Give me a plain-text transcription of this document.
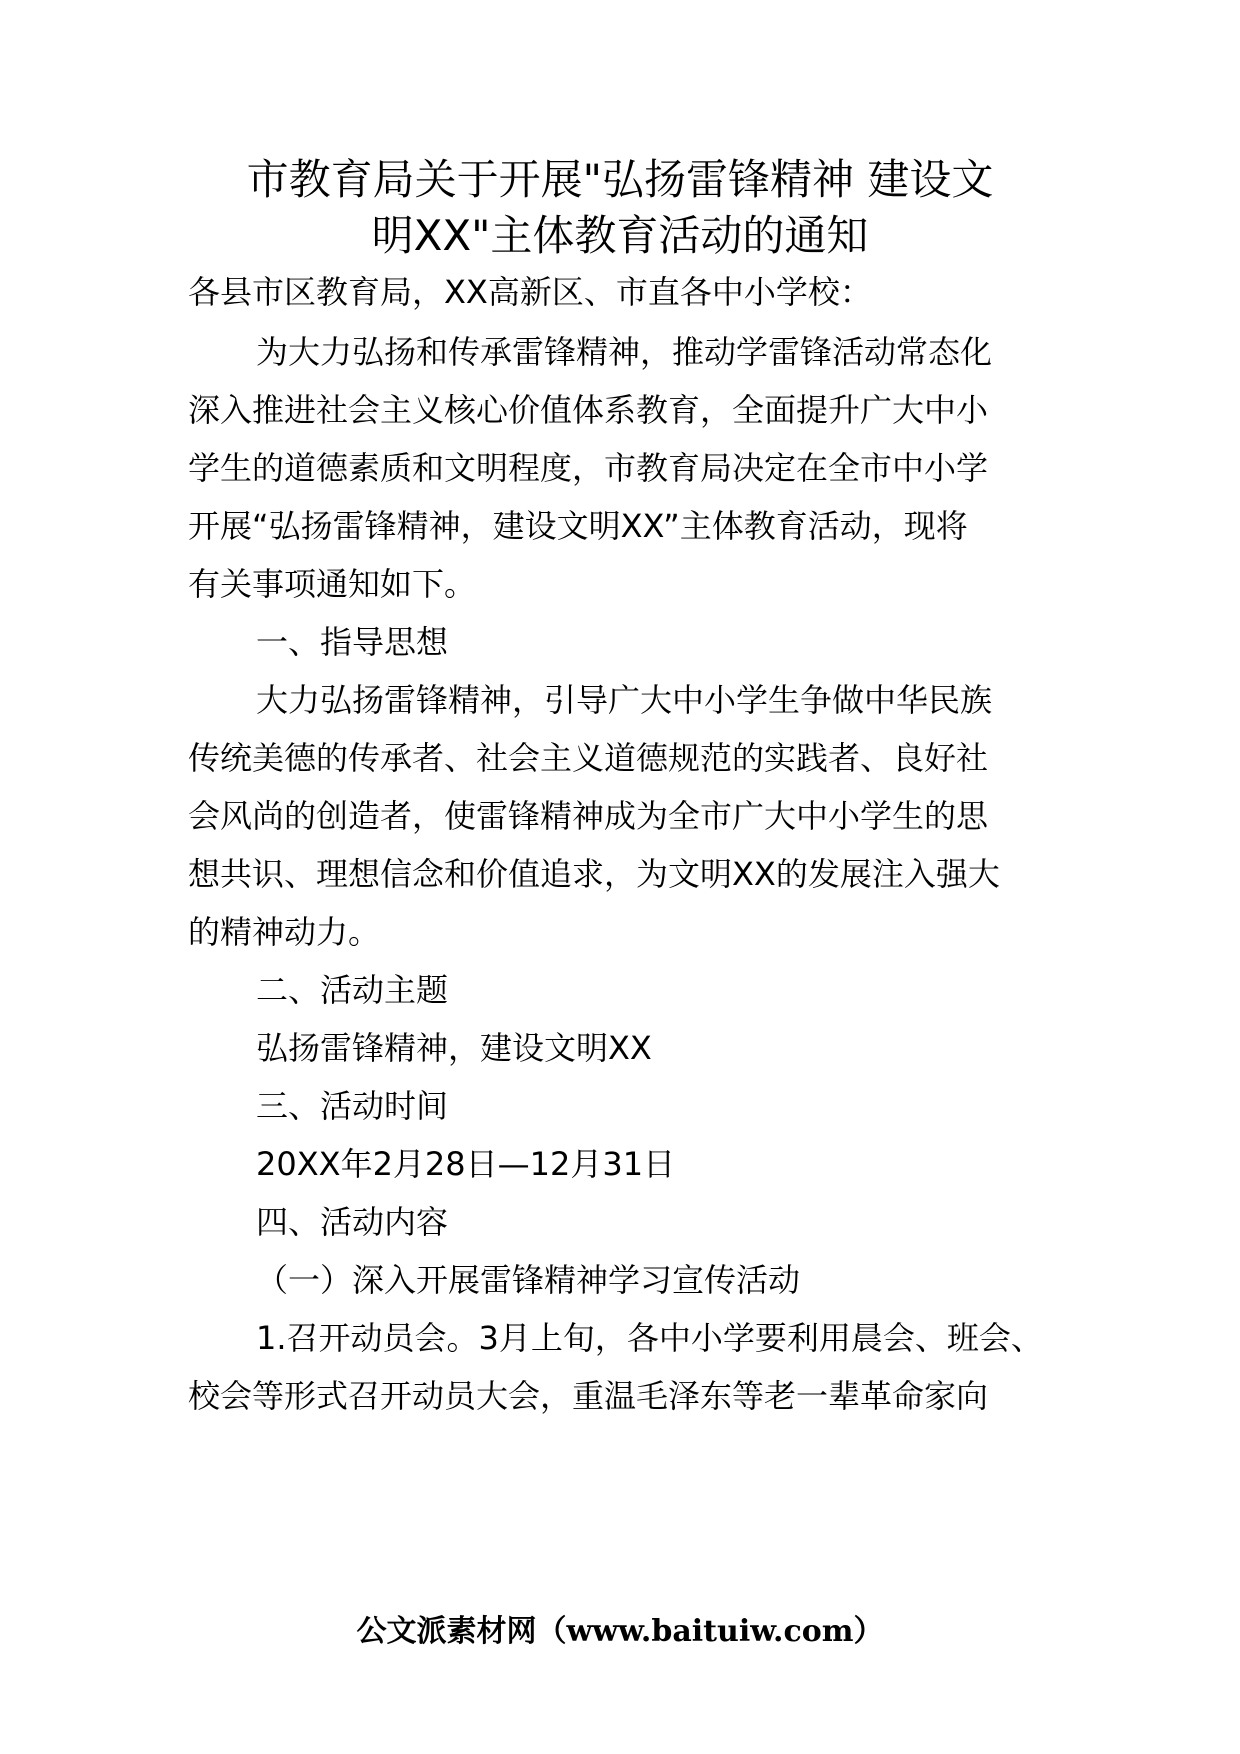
市教育局关于开展"弘扬雷锋精神 建设文
明XX"主体教育活动的通知

各县市区教育局，XX高新区、市直各中小学校：

为大力弘扬和传承雷锋精神，推动学雷锋活动常态化

深入推进社会主义核心价值体系教育，全面提升广大中小

学生的道德素质和文明程度，市教育局决定在全市中小学

开展“弘扬雷锋精神，建设文明XX”主体教育活动，现将

有关事项通知如下。

一、指导思想

大力弘扬雷锋精神，引导广大中小学生争做中华民族

传统美德的传承者、社会主义道德规范的实践者、良好社

会风尚的创造者，使雷锋精神成为全市广大中小学生的思

想共识、理想信念和价值追求，为文明XX的发展注入强大

的精神动力。

二、活动主题

弘扬雷锋精神，建设文明XX

三、活动时间

20XX年2月28日—12月31日

四、活动内容

（一）深入开展雷锋精神学习宣传活动

1.召开动员会。3月上旬，各中小学要利用晨会、班会、

校会等形式召开动员大会，重温毛泽东等老一辈革命家向

公文派素材网（www.baituiw.com）
